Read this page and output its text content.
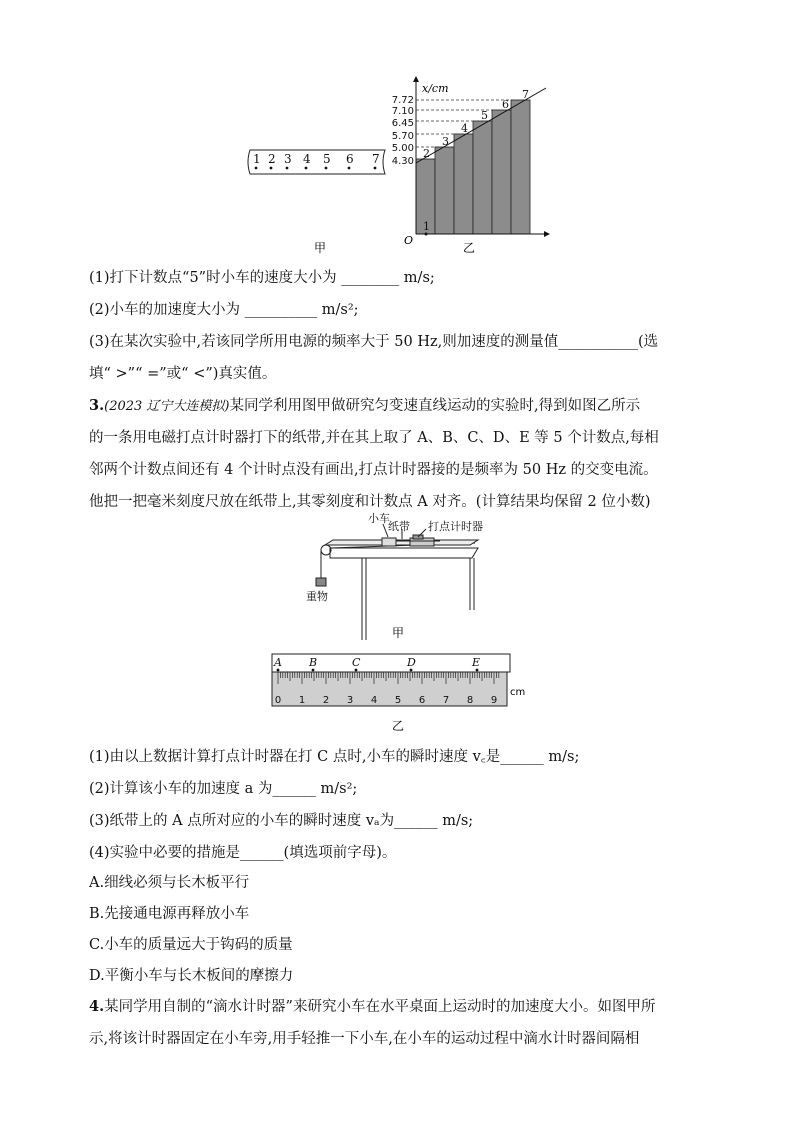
1 2 3 4 5 6 7
甲
x/cm
O
7.72
7.10
6.45
5.70
5.00
4.30
1
2
3
4
5
6
7
乙
(1)打下计数点“5”时小车的速度大小为 ________ m/s;
(2)小车的加速度大小为 __________ m/s²;
(3)在某次实验中,若该同学所用电源的频率大于 50 Hz,则加速度的测量值___________(选
填“ >”“ =”或“ <”)真实值。
3.(2023 辽宁大连模拟)某同学利用图甲做研究匀变速直线运动的实验时,得到如图乙所示
的一条用电磁打点计时器打下的纸带,并在其上取了 A、B、C、D、E 等 5 个计数点,每相
邻两个计数点间还有 4 个计时点没有画出,打点计时器接的是频率为 50 Hz 的交变电流。
他把一把毫米刻度尺放在纸带上,其零刻度和计数点 A 对齐。(计算结果均保留 2 位小数)
小车
纸带 打点计时器
重物
甲
A B	C	D	E
0 1 2 3 4 5 6 7 8 9
cm
乙
(1)由以上数据计算打点计时器在打 C 点时,小车的瞬时速度 v꜀是______ m/s;
(2)计算该小车的加速度 a 为______ m/s²;
(3)纸带上的 A 点所对应的小车的瞬时速度 vₐ为______ m/s;
(4)实验中必要的措施是______(填选项前字母)。
A.细线必须与长木板平行
B.先接通电源再释放小车
C.小车的质量远大于钩码的质量
D.平衡小车与长木板间的摩擦力
4.某同学用自制的“滴水计时器”来研究小车在水平桌面上运动时的加速度大小。如图甲所
示,将该计时器固定在小车旁,用手轻推一下小车,在小车的运动过程中滴水计时器间隔相
